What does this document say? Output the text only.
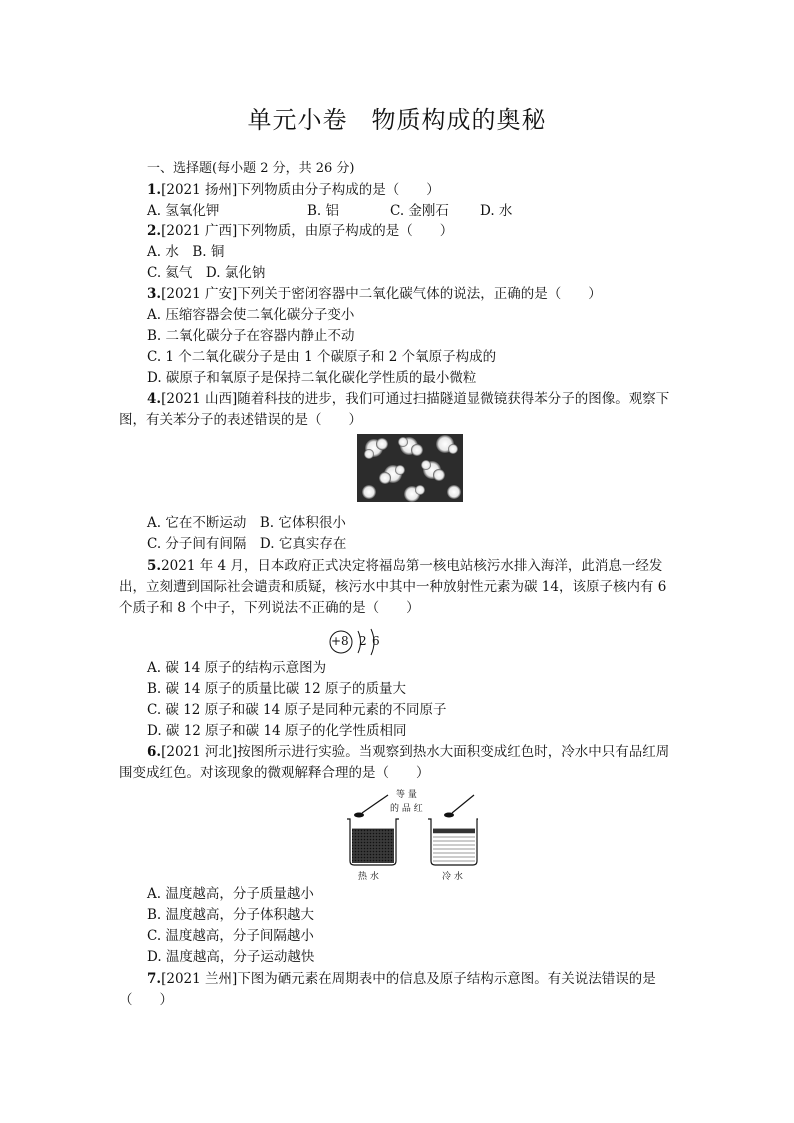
单元小卷 物质构成的奥秘
一、选择题(每小题 2 分，共 26 分)
1.[2021 扬州]下列物质由分子构成的是（　　）
A. 氢氧化钾	B. 铝	C. 金刚石 D. 水
2.[2021 广西]下列物质，由原子构成的是（　　）
A. 水　B. 铜
C. 氦气　D. 氯化钠
3.[2021 广安]下列关于密闭容器中二氧化碳气体的说法，正确的是（　　）
A. 压缩容器会使二氧化碳分子变小
B. 二氧化碳分子在容器内静止不动
C. 1 个二氧化碳分子是由 1 个碳原子和 2 个氧原子构成的
D. 碳原子和氧原子是保持二氧化碳化学性质的最小微粒
4.[2021 山西]随着科技的进步，我们可通过扫描隧道显微镜获得苯分子的图像。观察下
图，有关苯分子的表述错误的是（　　）
A. 它在不断运动　B. 它体积很小
C. 分子间有间隔　D. 它真实存在
5.2021 年 4 月，日本政府正式决定将福岛第一核电站核污水排入海洋，此消息一经发
出，立刻遭到国际社会谴责和质疑，核污水中其中一种放射性元素为碳 14，该原子核内有 6
个质子和 8 个中子，下列说法不正确的是（　　）
+8 2 6
A. 碳 14 原子的结构示意图为
B. 碳 14 原子的质量比碳 12 原子的质量大
C. 碳 12 原子和碳 14 原子是同种元素的不同原子
D. 碳 12 原子和碳 14 原子的化学性质相同
6.[2021 河北]按图所示进行实验。当观察到热水大面积变成红色时，冷水中只有品红周
围变成红色。对该现象的微观解释合理的是（　　）
等 量
的 品 红
热 水	冷 水
A. 温度越高，分子质量越小
B. 温度越高，分子体积越大
C. 温度越高，分子间隔越小
D. 温度越高，分子运动越快
7.[2021 兰州]下图为硒元素在周期表中的信息及原子结构示意图。有关说法错误的是
（　　）
